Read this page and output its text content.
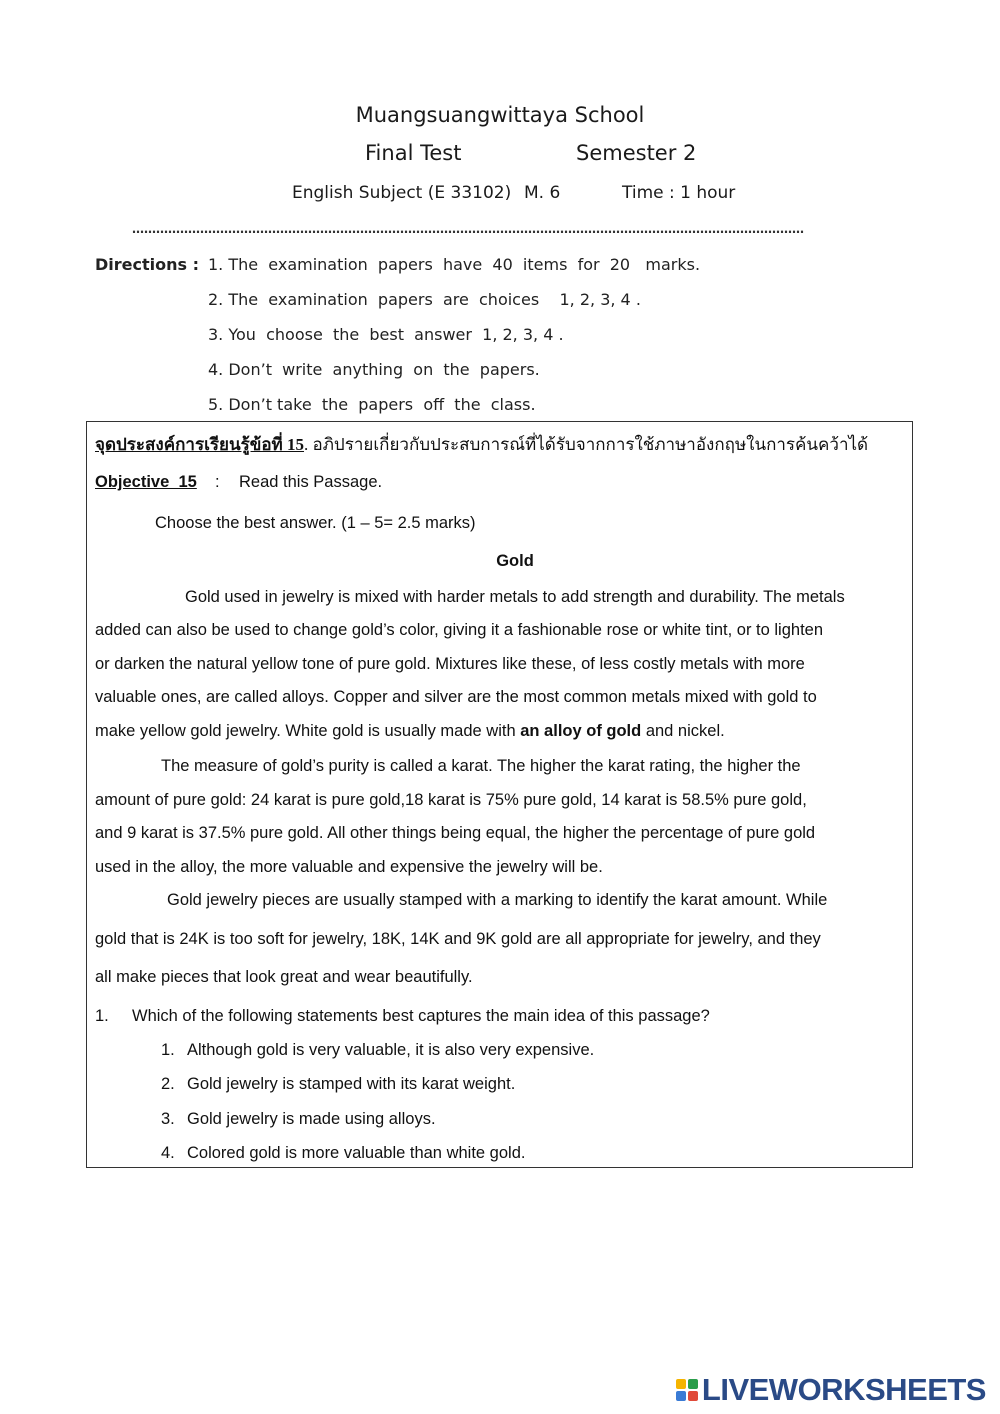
Muangsuangwittaya School
Final Test	Semester 2
English Subject (E 33102) M. 6	Time : 1 hour
……………………………………………………………………………………………………………………………………………………
Directions : 1. The  examination  papers  have  40  items  for  20   marks.
2. The  examination  papers  are  choices    1, 2, 3, 4 .
3. You  choose  the  best  answer  1, 2, 3, 4 .
4. Don’t  write  anything  on  the  papers.
5. Don’t take  the  papers  off  the  class.
จุดประสงค์การเรียนรู้ข้อที่ 15. อภิปรายเกี่ยวกับประสบการณ์ที่ได้รับจากการใช้ภาษาอังกฤษในการค้นคว้าได้
Objective  15 : Read this Passage.
Choose the best answer. (1 – 5= 2.5 marks)
Gold
Gold used in jewelry is mixed with harder metals to add strength and durability. The metals
added can also be used to change gold’s color, giving it a fashionable rose or white tint, or to lighten
or darken the natural yellow tone of pure gold. Mixtures like these, of less costly metals with more
valuable ones, are called alloys. Copper and silver are the most common metals mixed with gold to
make yellow gold jewelry. White gold is usually made with an alloy of gold and nickel.
The measure of gold’s purity is called a karat. The higher the karat rating, the higher the
amount of pure gold: 24 karat is pure gold,18 karat is 75% pure gold, 14 karat is 58.5% pure gold,
and 9 karat is 37.5% pure gold. All other things being equal, the higher the percentage of pure gold
used in the alloy, the more valuable and expensive the jewelry will be.
Gold jewelry pieces are usually stamped with a marking to identify the karat amount. While
gold that is 24K is too soft for jewelry, 18K, 14K and 9K gold are all appropriate for jewelry, and they
all make pieces that look great and wear beautifully.
1. Which of the following statements best captures the main idea of this passage?
1. Although gold is very valuable, it is also very expensive.
2. Gold jewelry is stamped with its karat weight.
3. Gold jewelry is made using alloys.
4. Colored gold is more valuable than white gold.
LIVEWORKSHEETS
